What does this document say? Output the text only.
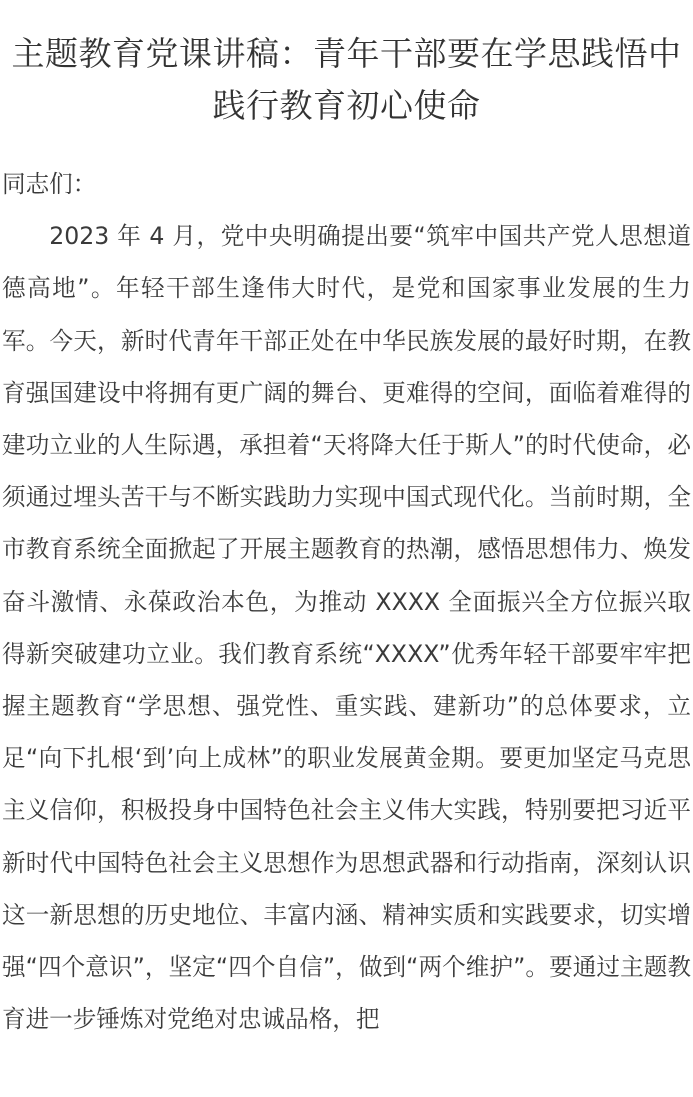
主题教育党课讲稿：青年干部要在学思践悟中践行教育初心使命

同志们：

2023 年 4 月，党中央明确提出要“筑牢中国共产党人思想道德高地”。年轻干部生逢伟大时代，是党和国家事业发展的生力军。今天，新时代青年干部正处在中华民族发展的最好时期，在教育强国建设中将拥有更广阔的舞台、更难得的空间，面临着难得的建功立业的人生际遇，承担着“天将降大任于斯人”的时代使命，必须通过埋头苦干与不断实践助力实现中国式现代化。当前时期，全市教育系统全面掀起了开展主题教育的热潮，感悟思想伟力、焕发奋斗激情、永葆政治本色，为推动 XXXX 全面振兴全方位振兴取得新突破建功立业。我们教育系统“XXXX”优秀年轻干部要牢牢把握主题教育“学思想、强党性、重实践、建新功”的总体要求，立足“向下扎根‘到’向上成林”的职业发展黄金期。要更加坚定马克思主义信仰，积极投身中国特色社会主义伟大实践，特别要把习近平新时代中国特色社会主义思想作为思想武器和行动指南，深刻认识这一新思想的历史地位、丰富内涵、精神实质和实践要求，切实增强“四个意识”，坚定“四个自信”，做到“两个维护”。要通过主题教育进一步锤炼对党绝对忠诚品格，把
